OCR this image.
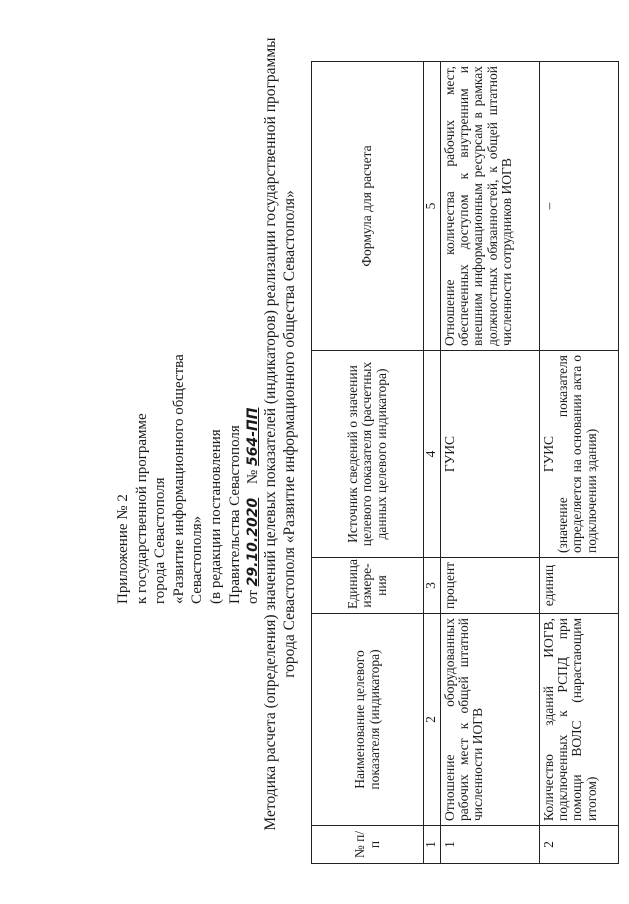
Приложение № 2 к государственной программе города Севастополя «Развитие информационного общества Севастополя» (в редакции постановления Правительства Севастополя от 29.10.2020 № 564-ПП Методика расчета (определения) значений целевых показателей (индикаторов) реализации государственной программы города Севастополя «Развитие информационного общества Севастополя»
№ п/п	Наименование целевого показателя (индикатора)	Единица измере-ния	Источник сведений о значении целевого показателя (расчетных данных целевого индикатора)	Формула для расчета
1	2	3	4	5
1	Отношение оборудованных рабочих мест к общей штатной численности ИОГВ	процент	ГУИС	Отношение количества рабочих мест, обеспеченных доступом к внутренним и внешним информационным ресурсам в рамках должностных обязанностей, к общей штатной численности сотрудников ИОГВ
2	Количество зданий ИОГВ, подключенных к РСПД при помощи ВОЛС (нарастающим итогом)	единиц	ГУИС (значение показателя определяется на основании акта о подключении здания)	–
